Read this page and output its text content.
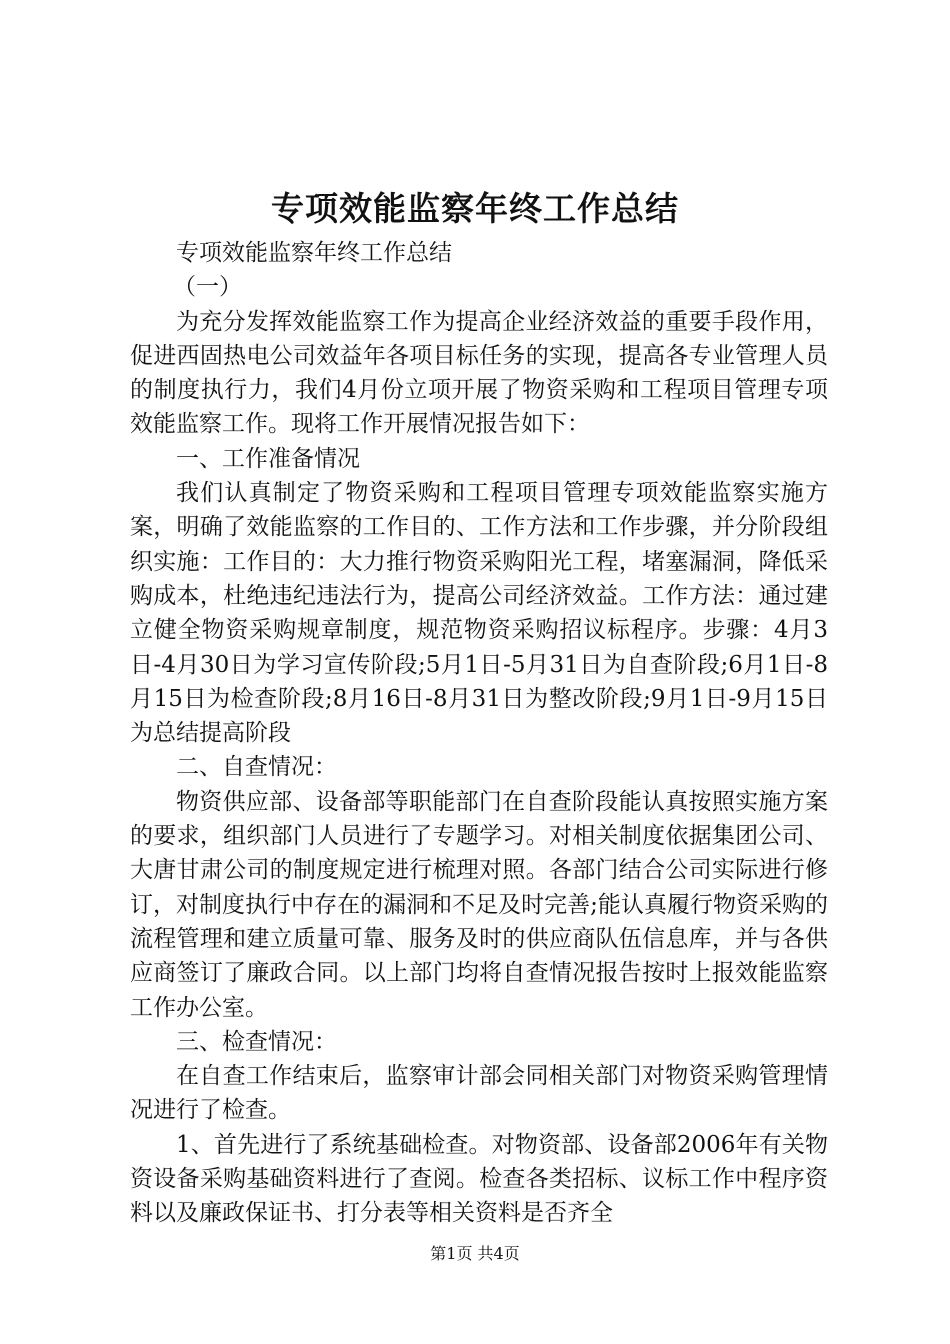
专项效能监察年终工作总结

专项效能监察年终工作总结

（一）

为充分发挥效能监察工作为提高企业经济效益的重要手段作用，促进西固热电公司效益年各项目标任务的实现，提高各专业管理人员的制度执行力，我们4月份立项开展了物资采购和工程项目管理专项效能监察工作。现将工作开展情况报告如下：

一、工作准备情况

我们认真制定了物资采购和工程项目管理专项效能监察实施方案，明确了效能监察的工作目的、工作方法和工作步骤，并分阶段组织实施：工作目的：大力推行物资采购阳光工程，堵塞漏洞，降低采购成本，杜绝违纪违法行为，提高公司经济效益。工作方法：通过建立健全物资采购规章制度，规范物资采购招议标程序。步骤：4月3日-4月30日为学习宣传阶段;5月1日-5月31日为自查阶段;6月1日-8月15日为检查阶段;8月16日-8月31日为整改阶段;9月1日-9月15日为总结提高阶段

二、自查情况：

物资供应部、设备部等职能部门在自查阶段能认真按照实施方案的要求，组织部门人员进行了专题学习。对相关制度依据集团公司、大唐甘肃公司的制度规定进行梳理对照。各部门结合公司实际进行修订，对制度执行中存在的漏洞和不足及时完善;能认真履行物资采购的流程管理和建立质量可靠、服务及时的供应商队伍信息库，并与各供应商签订了廉政合同。以上部门均将自查情况报告按时上报效能监察工作办公室。

三、检查情况：

在自查工作结束后，监察审计部会同相关部门对物资采购管理情况进行了检查。

1、首先进行了系统基础检查。对物资部、设备部2006年有关物资设备采购基础资料进行了查阅。检查各类招标、议标工作中程序资料以及廉政保证书、打分表等相关资料是否齐全

第1页 共4页
